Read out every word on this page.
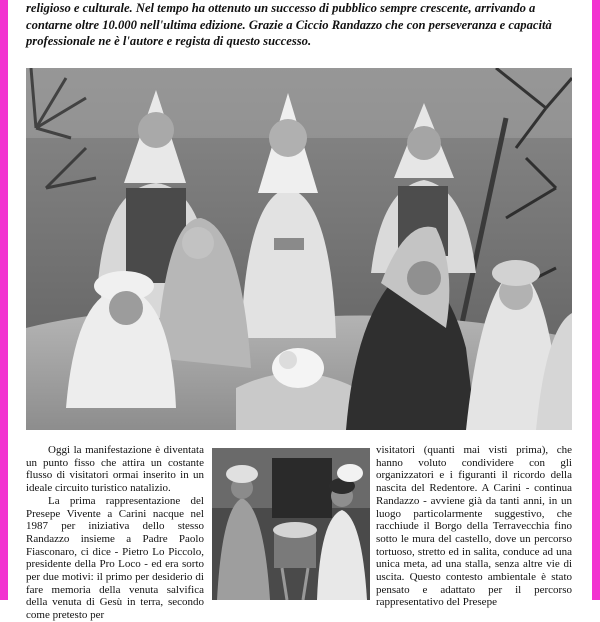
religioso e culturale. Nel tempo ha ottenuto un successo di pubblico sempre crescente, arrivando a

contarne oltre 10.000 nell'ultima edizione. Grazie a Ciccio Randazzo che con perseveranza e capacità

professionale ne è l'autore e regista di questo successo.

Oggi la manifestazione è diventata un punto fisso che attira un costante flusso di visitatori ormai inserito in un ideale circuito turistico natalizio.

La prima rappresentazione del Presepe Vivente a Carini nacque nel 1987 per iniziativa dello stesso Randazzo insieme a Padre Paolo Fiasconaro, ci dice - Pietro Lo Piccolo, presidente della Pro Loco - ed era sorto per due motivi: il primo per desiderio di fare memoria della venuta salvifica della venuta di Gesù in terra, secondo come pretesto per

visitatori (quanti mai visti prima), che hanno voluto condividere con gli organizzatori e i figuranti il ricordo della nascita del Redentore. A Carini - continua Randazzo - avviene già da tanti anni, in un luogo particolarmente suggestivo, che racchiude il Borgo della Terravecchia fino sotto le mura del castello, dove un percorso tortuoso, stretto ed in salita, conduce ad una unica meta, ad una stalla, senza altre vie di uscita. Questo contesto ambientale è stato pensato e adattato per il percorso rappresentativo del Presepe
